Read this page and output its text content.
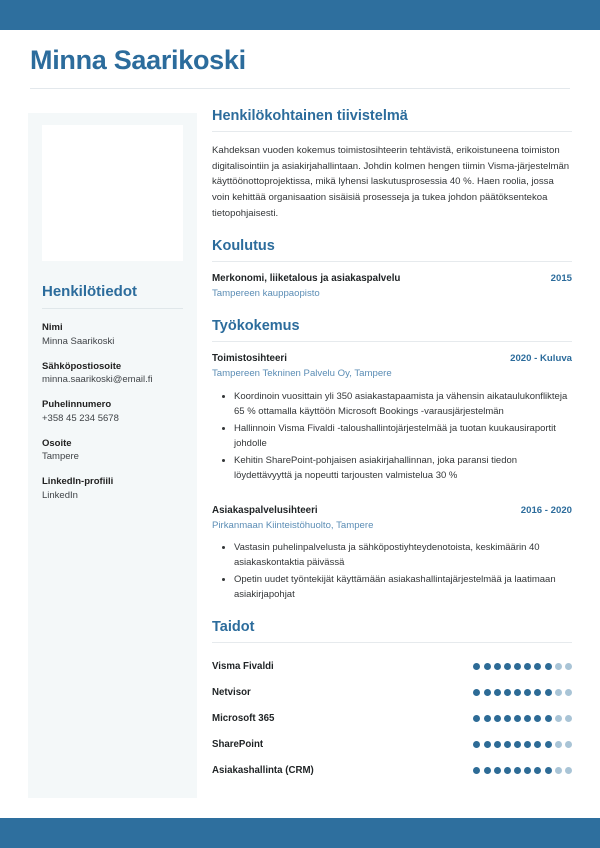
Minna Saarikoski
Henkilötiedot
Nimi
Minna Saarikoski
Sähköpostiosoite
minna.saarikoski@email.fi
Puhelinnumero
+358 45 234 5678
Osoite
Tampere
LinkedIn-profiili
LinkedIn
Henkilökohtainen tiivistelmä

Kahdeksan vuoden kokemus toimistosihteerin tehtävistä, erikoistuneena toimiston digitalisointiin ja asiakirjahallintaan. Johdin kolmen hengen tiimin Visma-järjestelmän käyttöönottoprojektissa, mikä lyhensi laskutusprosessia 40 %. Haen roolia, jossa voin kehittää organisaation sisäisiä prosesseja ja tukea johdon päätöksentekoa tietopohjaisesti.

Koulutus
Merkonomi, liiketalous ja asiakaspalvelu	2015
Tampereen kauppaopisto
Työkokemus
Toimistosihteeri	2020 - Kuluva
Tampereen Tekninen Palvelu Oy, Tampere
• Koordinoin vuosittain yli 350 asiakastapaamista ja vähensin aikataulukonflikteja 65 % ottamalla käyttöön Microsoft Bookings -varausjärjestelmän
• Hallinnoin Visma Fivaldi -taloushallintojärjestelmää ja tuotan kuukausiraportit johdolle
• Kehitin SharePoint-pohjaisen asiakirjahallinnan, joka paransi tiedon löydettävyyttä ja nopeutti tarjousten valmistelua 30 %
Asiakaspalvelusihteeri	2016 - 2020
Pirkanmaan Kiinteistöhuolto, Tampere
• Vastasin puhelinpalvelusta ja sähköpostiyhteydenotoista, keskimäärin 40 asiakaskontaktia päivässä
• Opetin uudet työntekijät käyttämään asiakashallintajärjestelmää ja laatimaan asiakirjapohjat
Taidot
Visma Fivaldi
Netvisor
Microsoft 365
SharePoint
Asiakashallinta (CRM)
